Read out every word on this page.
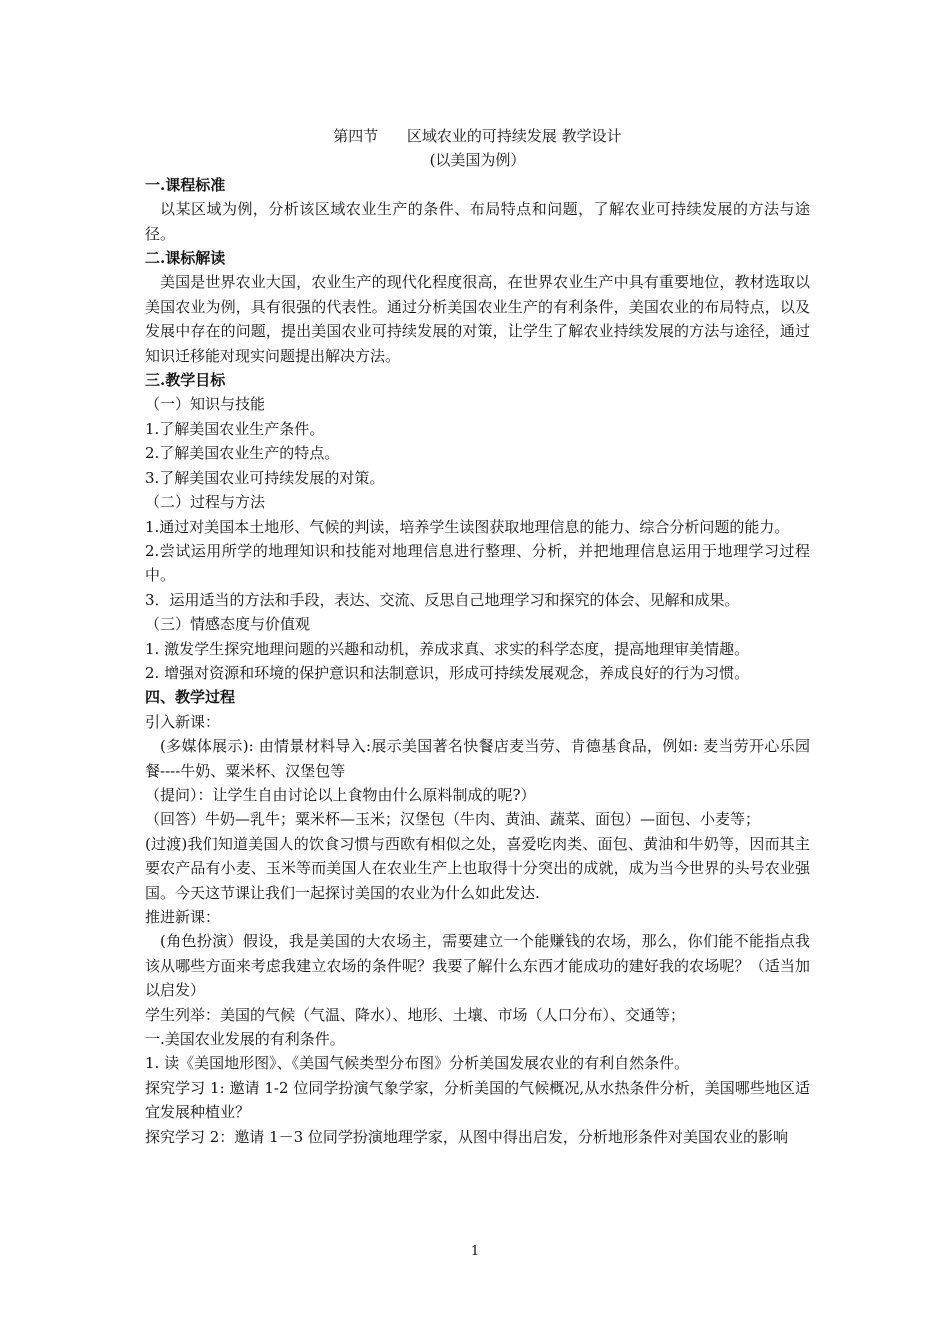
第四节      区域农业的可持续发展 教学设计

(以美国为例）

一.课程标准

以某区域为例，分析该区域农业生产的条件、布局特点和问题，了解农业可持续发展的方法与途径。

二.课标解读

美国是世界农业大国，农业生产的现代化程度很高，在世界农业生产中具有重要地位，教材选取以美国农业为例，具有很强的代表性。通过分析美国农业生产的有利条件，美国农业的布局特点，以及发展中存在的问题，提出美国农业可持续发展的对策，让学生了解农业持续发展的方法与途径，通过知识迁移能对现实问题提出解决方法。

三.教学目标

（一）知识与技能

1.了解美国农业生产条件。

2.了解美国农业生产的特点。

3.了解美国农业可持续发展的对策。

（二）过程与方法

1.通过对美国本土地形、气候的判读，培养学生读图获取地理信息的能力、综合分析问题的能力。

2.尝试运用所学的地理知识和技能对地理信息进行整理、分析，并把地理信息运用于地理学习过程中。

3．运用适当的方法和手段，表达、交流、反思自己地理学习和探究的体会、见解和成果。

（三）情感态度与价值观

1. 激发学生探究地理问题的兴趣和动机，养成求真、求实的科学态度，提高地理审美情趣。

2. 增强对资源和环境的保护意识和法制意识，形成可持续发展观念，养成良好的行为习惯。

四、教学过程

引入新课：

(多媒体展示): 由情景材料导入:展示美国著名快餐店麦当劳、肯德基食品，例如: 麦当劳开心乐园餐----牛奶、粟米杯、汉堡包等

（提问）：让学生自由讨论以上食物由什么原料制成的呢?）

（回答）牛奶—乳牛；粟米杯—玉米；汉堡包（牛肉、黄油、蔬菜、面包）—面包、小麦等；

(过渡)我们知道美国人的饮食习惯与西欧有相似之处，喜爱吃肉类、面包、黄油和牛奶等，因而其主要农产品有小麦、玉米等而美国人在农业生产上也取得十分突出的成就，成为当今世界的头号农业强国。今天这节课让我们一起探讨美国的农业为什么如此发达.

推进新课：

(角色扮演）假设，我是美国的大农场主，需要建立一个能赚钱的农场，那么，你们能不能指点我该从哪些方面来考虑我建立农场的条件呢？我要了解什么东西才能成功的建好我的农场呢？（适当加以启发）

学生列举：美国的气候（气温、降水）、地形、土壤、市场（人口分布）、交通等；

一.美国农业发展的有利条件。

1. 读《美国地形图》、《美国气候类型分布图》分析美国发展农业的有利自然条件。

探究学习 1: 邀请 1-2 位同学扮演气象学家，分析美国的气候概况,从水热条件分析，美国哪些地区适宜发展种植业？

探究学习 2：邀请 1－3 位同学扮演地理学家，从图中得出启发，分析地形条件对美国农业的影响

1
